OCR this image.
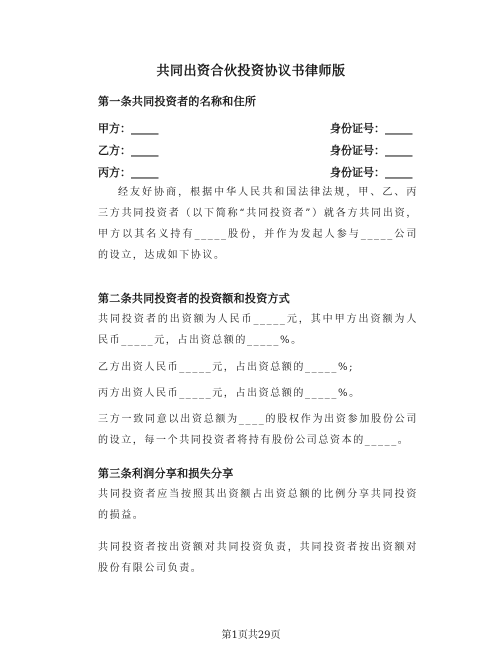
共同出资合伙投资协议书律师版
第一条共同投资者的名称和住所
甲方：_____	身份证号：_____
乙方：_____	身份证号：_____
丙方：_____	身份证号：_____
经友好协商，根据中华人民共和国法律法规，甲、乙、丙三方共同投资者（以下简称“共同投资者”）就各方共同出资，甲方以其名义持有_____股份，并作为发起人参与_____公司的设立，达成如下协议。
第二条共同投资者的投资额和投资方式
共同投资者的出资额为人民币_____元，其中甲方出资额为人民币_____元，占出资总额的_____%。
乙方出资人民币_____元，占出资总额的_____%;
丙方出资人民币_____元，占出资总额的_____%。
三方一致同意以出资总额为____的股权作为出资参加股份公司的设立，每一个共同投资者将持有股份公司总资本的_____。
第三条利润分享和损失分享
共同投资者应当按照其出资额占出资总额的比例分享共同投资的损益。
共同投资者按出资额对共同投资负责，共同投资者按出资额对股份有限公司负责。
第1页共29页
